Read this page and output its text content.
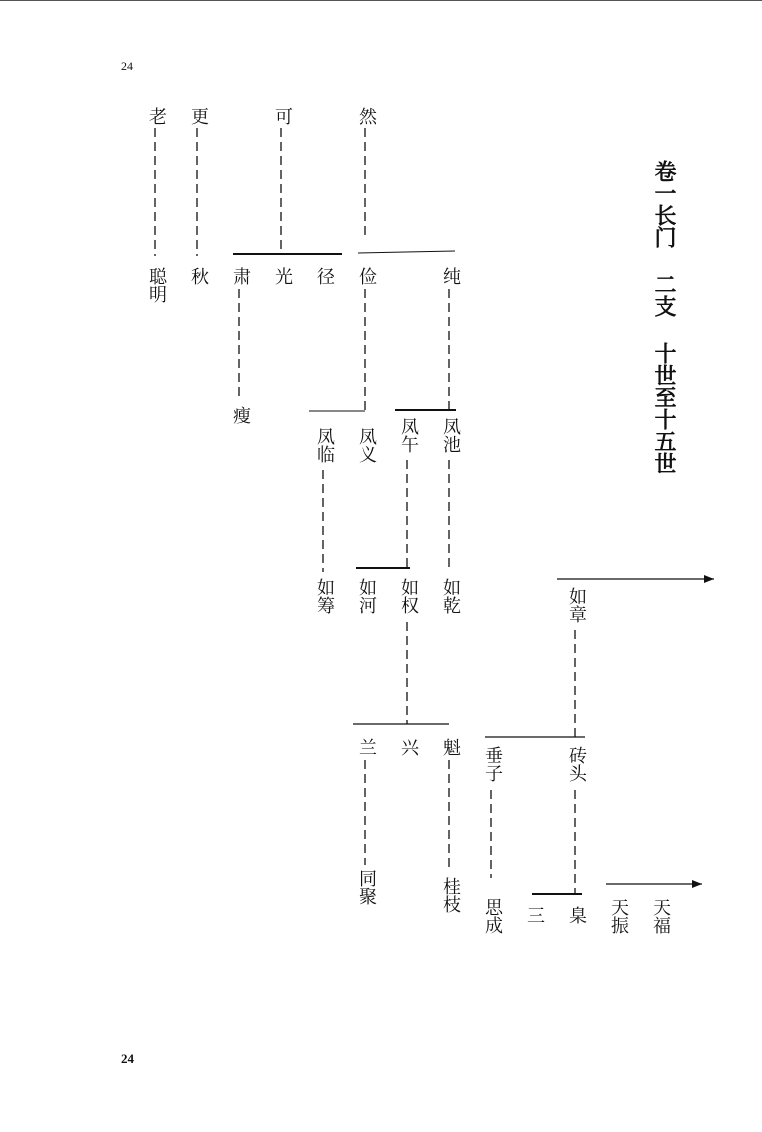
24
卷一长门 二支 十世至十五世
老 更	可	然
聪明 秋 肃 光 径 俭	纯
瘦
凤临 凤义 凤午 凤池
如筹 如河 如权 如乾	如章
兰 兴 魁 垂子	砖头
同聚	桂枝
思成 三 臬 天振 天福
24
